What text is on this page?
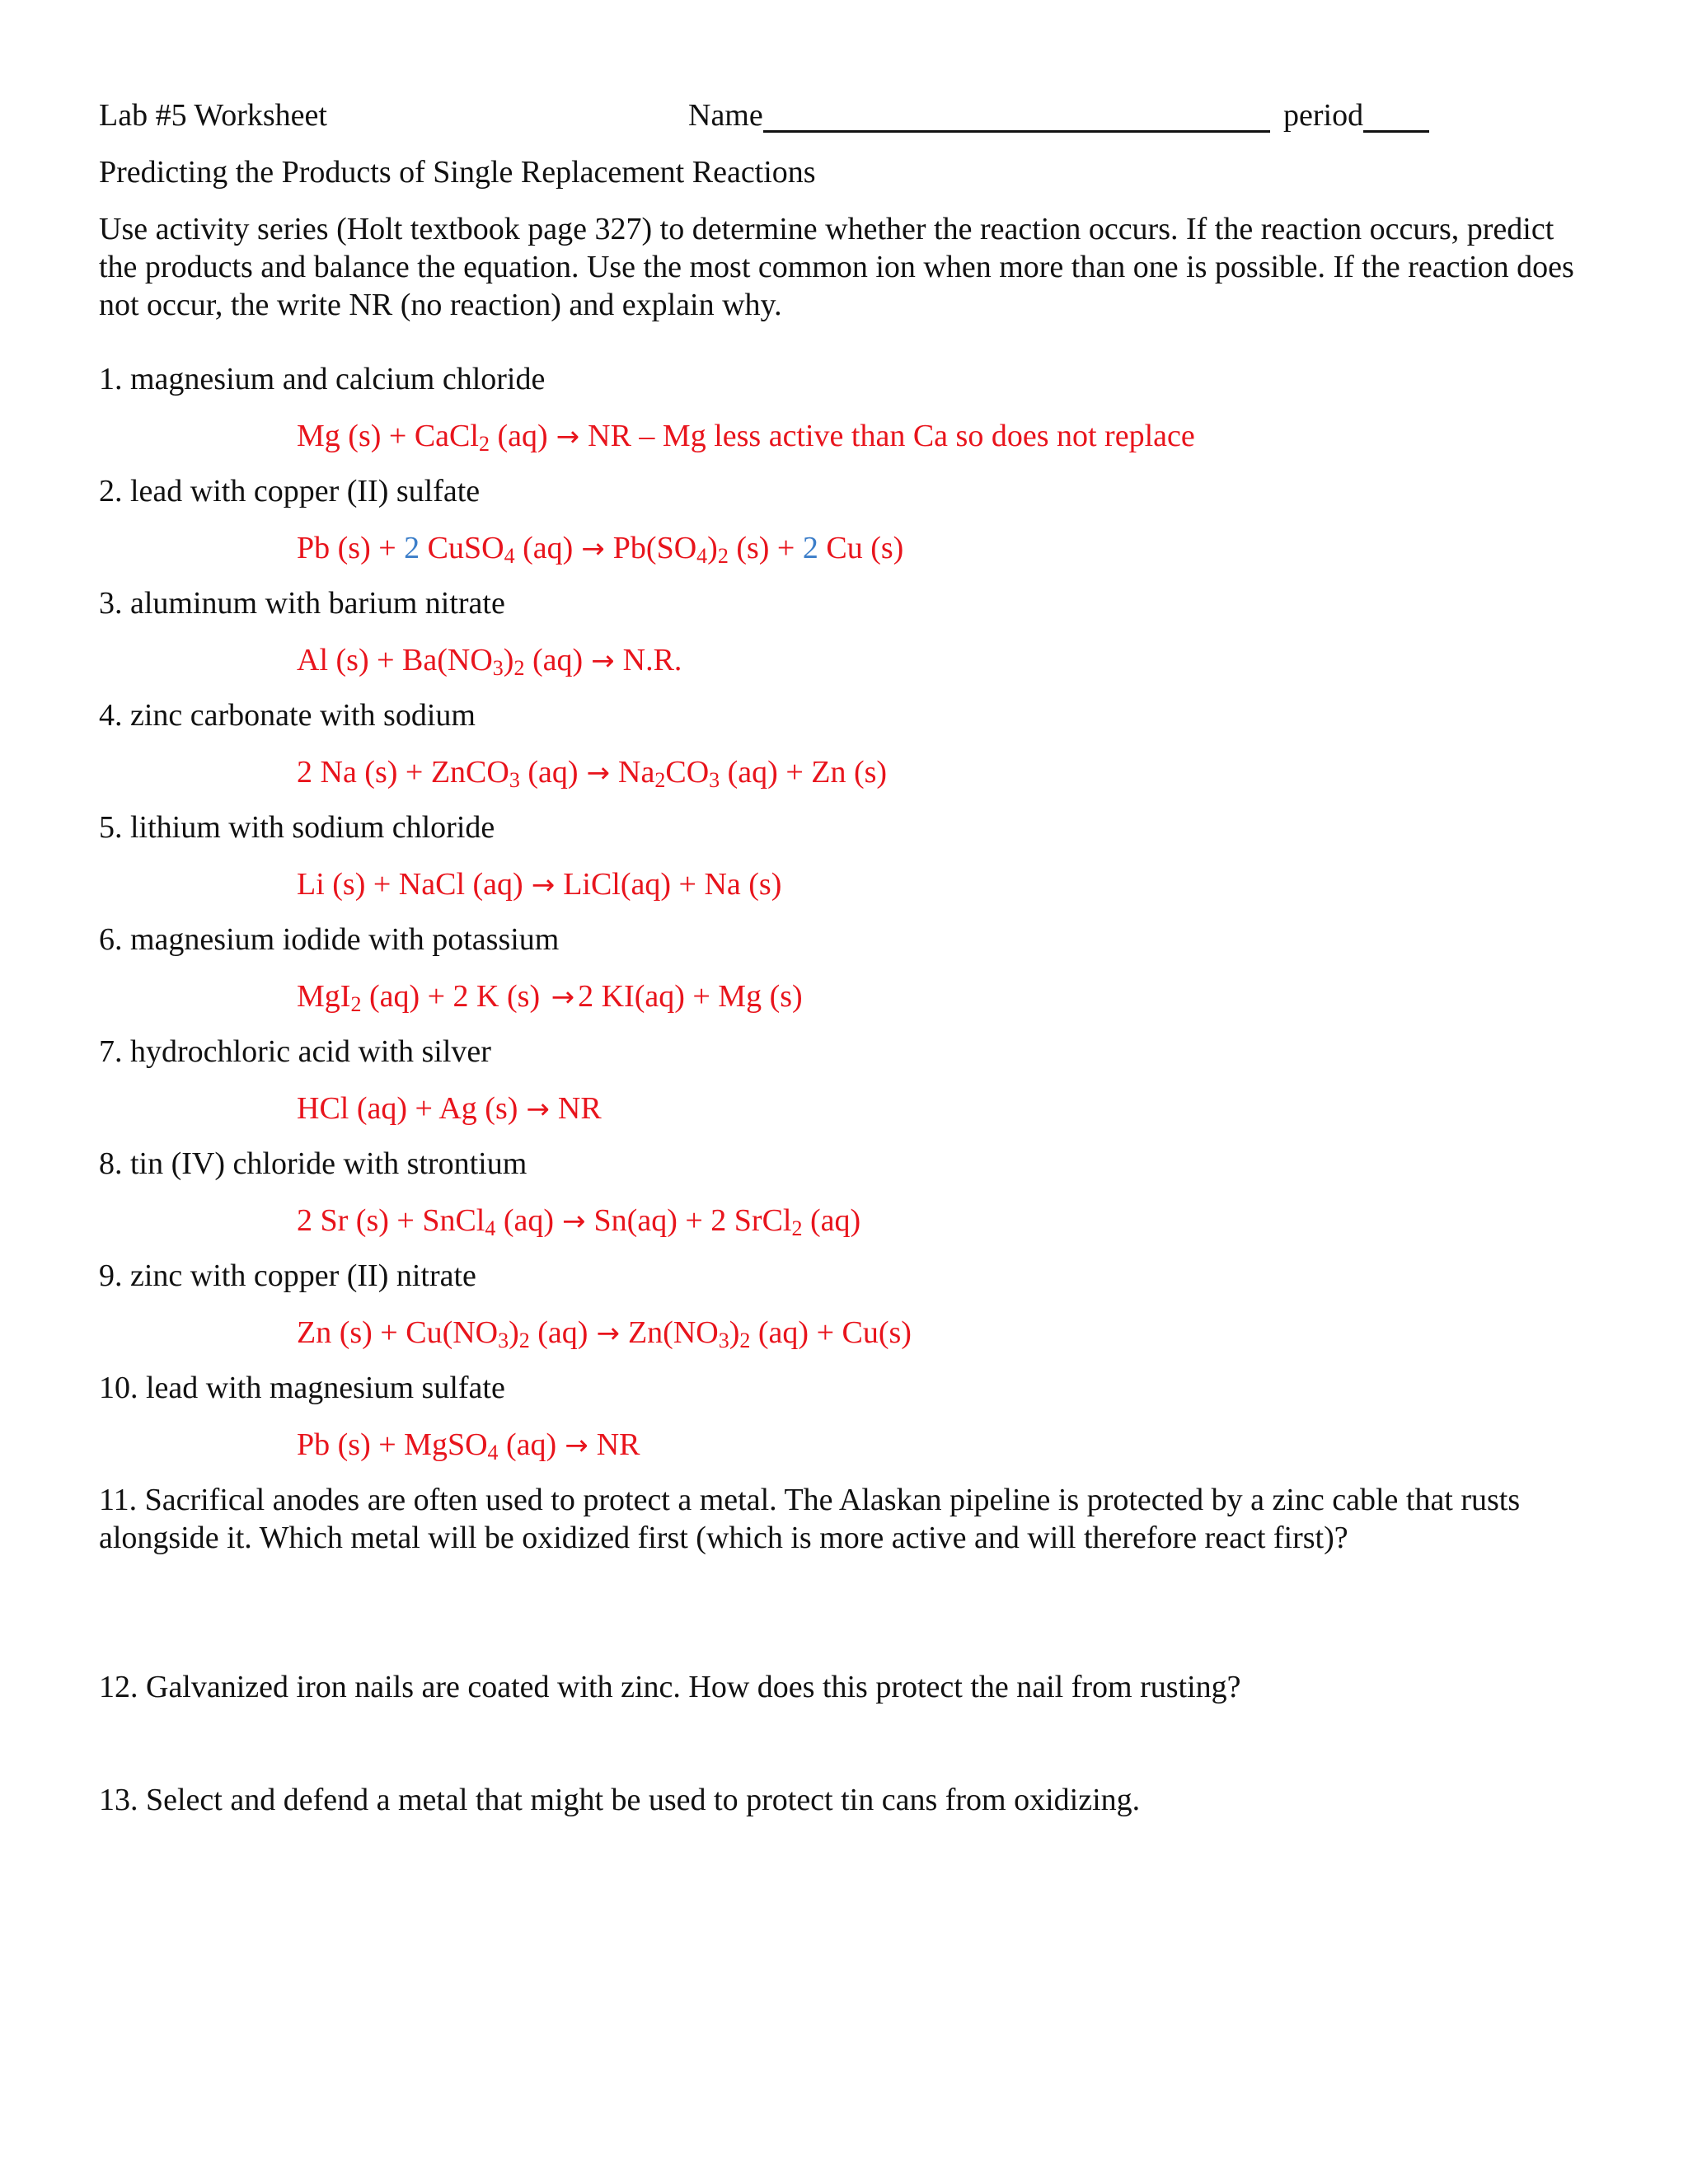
Lab #5 Worksheet	Name	period
Predicting the Products of Single Replacement Reactions

Use activity series (Holt textbook page 327) to determine whether the reaction occurs. If the reaction occurs, predict the products and balance the equation. Use the most common ion when more than one is possible. If the reaction does not occur, the write NR (no reaction) and explain why.

1. magnesium and calcium chloride
Mg (s) + CaCl$_2$ (aq) → NR – Mg less active than Ca so does not replace
2. lead with copper (II) sulfate
Pb (s) + 2 CuSO$_4$ $(aq) \to Pb(SO_4)_2$ (s) + 2 Cu (s)
3. aluminum with barium nitrate
Al $(s) + Ba(NO_3)_2$ (aq) → N.R.
4. zinc carbonate with sodium
2 Na (s) + ZnCO$_3$ $(aq) \to Na_2CO_3$ (aq) + Zn (s)
5. lithium with sodium chloride
Li (s) + NaCl (aq) → LiCl(aq) + Na (s)
6. magnesium iodide with potassium
MgI$_2$ (aq) + 2 K (s) → 2 KI(aq) + Mg (s)
7. hydrochloric acid with silver
HCl (aq) + Ag (s) → NR
8. tin (IV) chloride with strontium
2 Sr (s) + SnCl$_4$ (aq) → Sn(aq) + 2 SrCl$_2$ (aq)
9. zinc with copper (II) nitrate
Zn $(s) + Cu(NO_3)_2$ $(aq) \to Zn(NO_3)_2$ (aq) + Cu(s)
10. lead with magnesium sulfate
Pb (s) + MgSO$_4$ (aq) → NR

11. Sacrifical anodes are often used to protect a metal. The Alaskan pipeline is protected by a zinc cable that rusts alongside it. Which metal will be oxidized first (which is more active and will therefore react first)?

12. Galvanized iron nails are coated with zinc. How does this protect the nail from rusting?

13. Select and defend a metal that might be used to protect tin cans from oxidizing.
